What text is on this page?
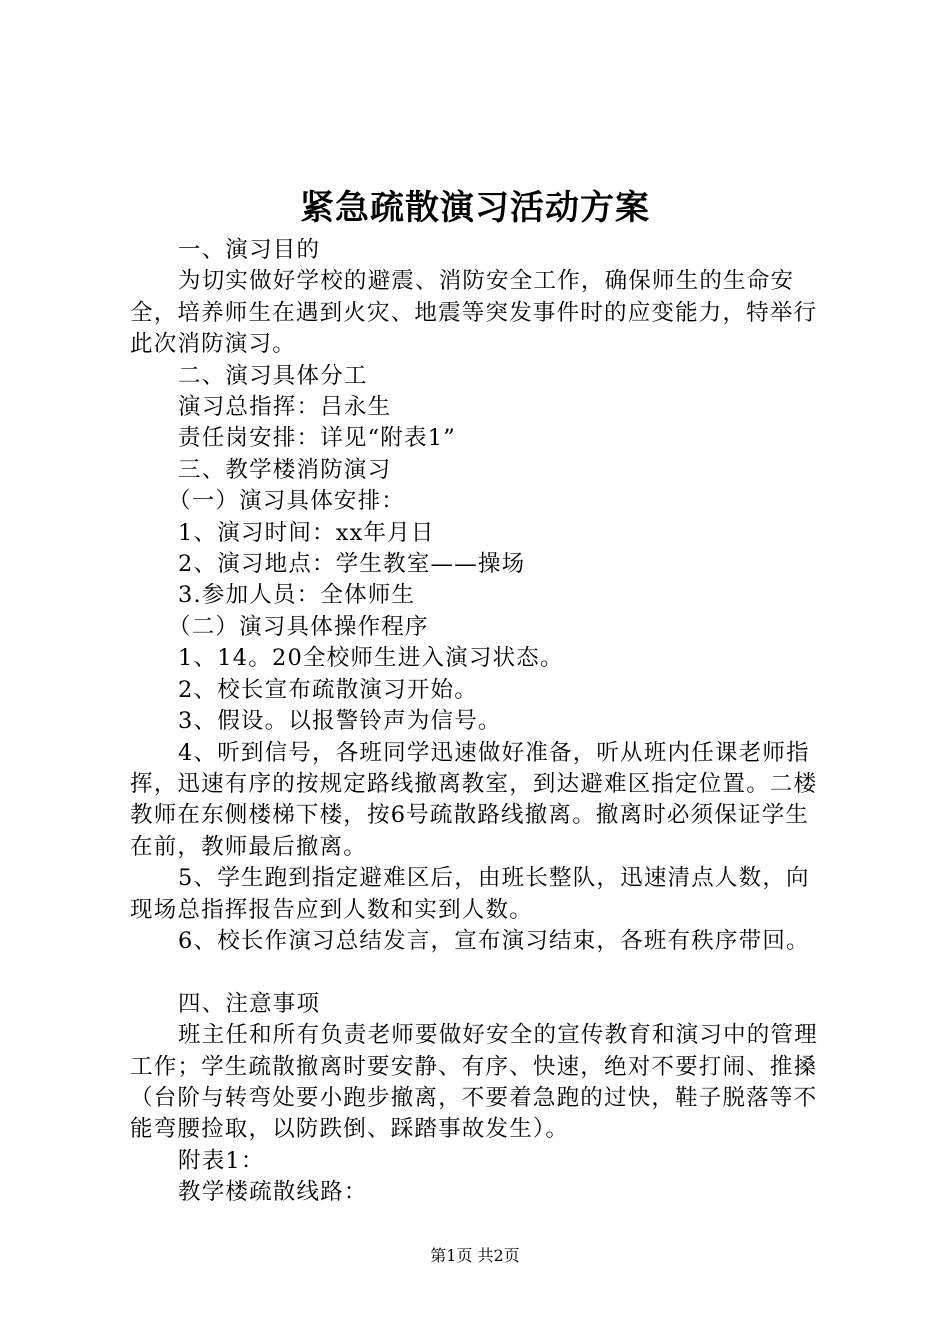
紧急疏散演习活动方案

一、演习目的

为切实做好学校的避震、消防安全工作，确保师生的生命安全，培养师生在遇到火灾、地震等突发事件时的应变能力，特举行此次消防演习。

二、演习具体分工

演习总指挥：吕永生

责任岗安排：详见“附表1”

三、教学楼消防演习

（一）演习具体安排：

1、演习时间：xx年月日

2、演习地点：学生教室——操场

3.参加人员：全体师生

（二）演习具体操作程序

1、14。20全校师生进入演习状态。

2、校长宣布疏散演习开始。

3、假设。以报警铃声为信号。

4、听到信号，各班同学迅速做好准备，听从班内任课老师指挥，迅速有序的按规定路线撤离教室，到达避难区指定位置。二楼教师在东侧楼梯下楼，按6号疏散路线撤离。撤离时必须保证学生在前，教师最后撤离。

5、学生跑到指定避难区后，由班长整队，迅速清点人数，向现场总指挥报告应到人数和实到人数。

6、校长作演习总结发言，宣布演习结束，各班有秩序带回。

四、注意事项

班主任和所有负责老师要做好安全的宣传教育和演习中的管理工作；学生疏散撤离时要安静、有序、快速，绝对不要打闹、推搡（台阶与转弯处要小跑步撤离，不要着急跑的过快，鞋子脱落等不能弯腰捡取，以防跌倒、踩踏事故发生）。

附表1：

教学楼疏散线路：

第1页 共2页
